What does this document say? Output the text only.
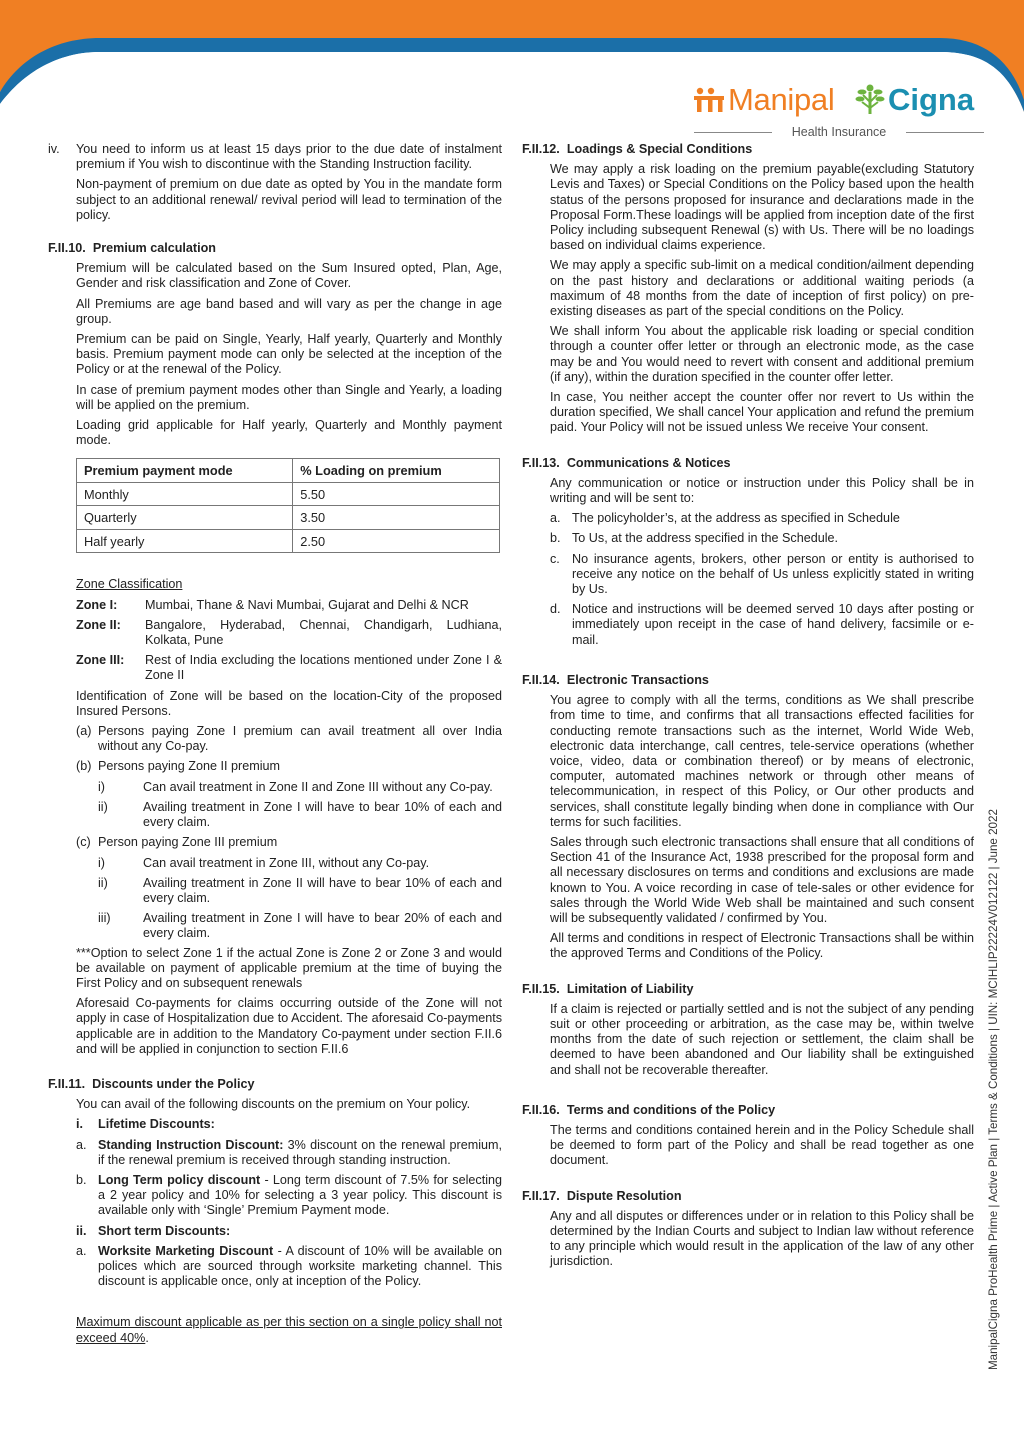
Manipal Cigna
Health Insurance
iv. You need to inform us at least 15 days prior to the due date of instalment premium if You wish to discontinue with the Standing Instruction facility.

Non-payment of premium on due date as opted by You in the mandate form subject to an additional renewal/ revival period will lead to termination of the policy.

F.II.10. Premium calculation

Premium will be calculated based on the Sum Insured opted, Plan, Age, Gender and risk classification and Zone of Cover.

All Premiums are age band based and will vary as per the change in age group.

Premium can be paid on Single, Yearly, Half yearly, Quarterly and Monthly basis. Premium payment mode can only be selected at the inception of the Policy or at the renewal of the Policy.

In case of premium payment modes other than Single and Yearly, a loading will be applied on the premium.

Loading grid applicable for Half yearly, Quarterly and Monthly payment mode.

Premium payment mode	% Loading on premium
Monthly	5.50
Quarterly	3.50
Half yearly	2.50
Zone Classification
Zone I: Mumbai, Thane & Navi Mumbai, Gujarat and Delhi & NCR
Zone II: Bangalore, Hyderabad, Chennai, Chandigarh, Ludhiana, Kolkata, Pune
Zone III: Rest of India excluding the locations mentioned under Zone I & Zone II
Identification of Zone will be based on the location-City of the proposed Insured Persons.
(a) Persons paying Zone I premium can avail treatment all over India without any Co-pay.
(b) Persons paying Zone II premium
i)	Can avail treatment in Zone II and Zone III without any Co-pay.
ii)	Availing treatment in Zone I will have to bear 10% of each and every claim.
(c) Person paying Zone III premium
i)	Can avail treatment in Zone III, without any Co-pay.
ii)	Availing treatment in Zone II will have to bear 10% of each and every claim.
iii)	Availing treatment in Zone I will have to bear 20% of each and every claim.
***Option to select Zone 1 if the actual Zone is Zone 2 or Zone 3 and would be available on payment of applicable premium at the time of buying the First Policy and on subsequent renewals
Aforesaid Co-payments for claims occurring outside of the Zone will not apply in case of Hospitalization due to Accident. The aforesaid Co-payments applicable are in addition to the Mandatory Co-payment under section F.II.6 and will be applied in conjunction to section F.II.6
F.II.11. Discounts under the Policy
You can avail of the following discounts on the premium on Your policy.
i. Lifetime Discounts:
a. Standing Instruction Discount: 3% discount on the renewal premium, if the renewal premium is received through standing instruction.
b. Long Term policy discount - Long term discount of 7.5% for selecting a 2 year policy and 10% for selecting a 3 year policy. This discount is available only with ‘Single’ Premium Payment mode.
ii. Short term Discounts:
a. Worksite Marketing Discount - A discount of 10% will be available on polices which are sourced through worksite marketing channel. This discount is applicable once, only at inception of the Policy.
Maximum discount applicable as per this section on a single policy shall not exceed 40%.
F.II.12. Loadings & Special Conditions

We may apply a risk loading on the premium payable(excluding Statutory Levis and Taxes) or Special Conditions on the Policy based upon the health status of the persons proposed for insurance and declarations made in the Proposal Form.These loadings will be applied from inception date of the first Policy including subsequent Renewal (s) with Us. There will be no loadings based on individual claims experience.

We may apply a specific sub-limit on a medical condition/ailment depending on the past history and declarations or additional waiting periods (a maximum of 48 months from the date of inception of first policy) on pre-existing diseases as part of the special conditions on the Policy.

We shall inform You about the applicable risk loading or special condition through a counter offer letter or through an electronic mode, as the case may be and You would need to revert with consent and additional premium (if any), within the duration specified in the counter offer letter.

In case, You neither accept the counter offer nor revert to Us within the duration specified, We shall cancel Your application and refund the premium paid. Your Policy will not be issued unless We receive Your consent.

F.II.13. Communications & Notices
Any communication or notice or instruction under this Policy shall be in writing and will be sent to:
a. The policyholder’s, at the address as specified in Schedule
b. To Us, at the address specified in the Schedule.
c. No insurance agents, brokers, other person or entity is authorised to receive any notice on the behalf of Us unless explicitly stated in writing by Us.
d. Notice and instructions will be deemed served 10 days after posting or immediately upon receipt in the case of hand delivery, facsimile or e-mail.
F.II.14. Electronic Transactions

You agree to comply with all the terms, conditions as We shall prescribe from time to time, and confirms that all transactions effected facilities for conducting remote transactions such as the internet, World Wide Web, electronic data interchange, call centres, tele-service operations (whether voice, video, data or combination thereof) or by means of electronic, computer, automated machines network or through other means of telecommunication, in respect of this Policy, or Our other products and services, shall constitute legally binding when done in compliance with Our terms for such facilities.

Sales through such electronic transactions shall ensure that all conditions of Section 41 of the Insurance Act, 1938 prescribed for the proposal form and all necessary disclosures on terms and conditions and exclusions are made known to You. A voice recording in case of tele-sales or other evidence for sales through the World Wide Web shall be maintained and such consent will be subsequently validated / confirmed by You.

All terms and conditions in respect of Electronic Transactions shall be within the approved Terms and Conditions of the Policy.

F.II.15. Limitation of Liability
If a claim is rejected or partially settled and is not the subject of any pending suit or other proceeding or arbitration, as the case may be, within twelve months from the date of such rejection or settlement, the claim shall be deemed to have been abandoned and Our liability shall be extinguished and shall not be recoverable thereafter.
F.II.16. Terms and conditions of the Policy
The terms and conditions contained herein and in the Policy Schedule shall be deemed to form part of the Policy and shall be read together as one document.
F.II.17. Dispute Resolution
Any and all disputes or differences under or in relation to this Policy shall be determined by the Indian Courts and subject to Indian law without reference to any principle which would result in the application of the law of any other jurisdiction.	ManipalCigna ProHealth Prime | Active Plan | Terms & Conditions | UIN: MCIHLIP22224V012122 | June 2022
